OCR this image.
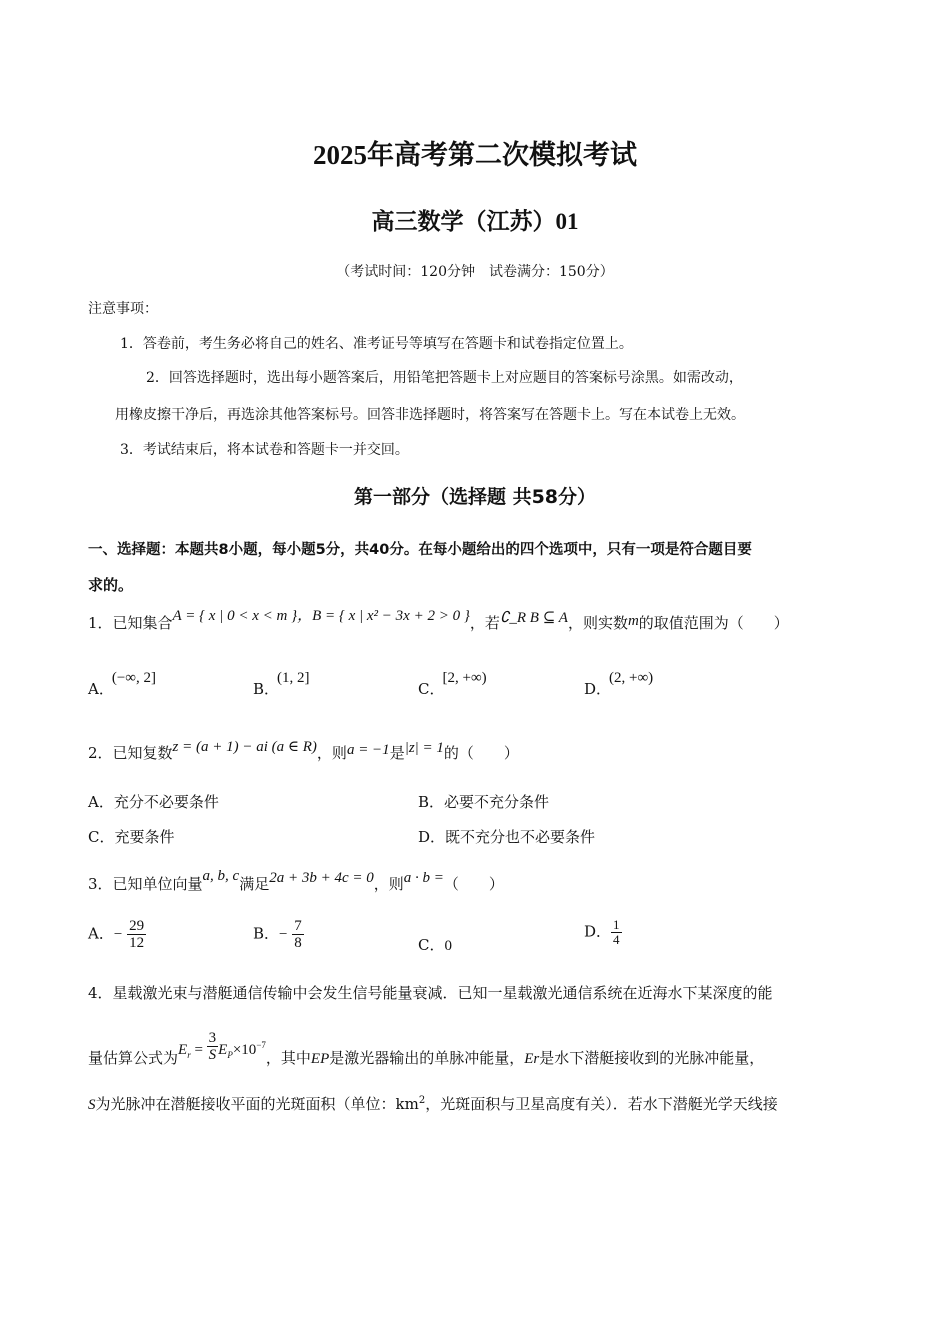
2025年高考第二次模拟考试
高三数学（江苏）01
（考试时间：120分钟　试卷满分：150分）
注意事项：
1．答卷前，考生务必将自己的姓名、准考证号等填写在答题卡和试卷指定位置上。
2．回答选择题时，选出每小题答案后，用铅笔把答题卡上对应题目的答案标号涂黑。如需改动，
用橡皮擦干净后，再选涂其他答案标号。回答非选择题时，将答案写在答题卡上。写在本试卷上无效。
3．考试结束后，将本试卷和答题卡一并交回。
第一部分（选择题 共58分）
一、选择题：本题共8小题，每小题5分，共40分。在每小题给出的四个选项中，只有一项是符合题目要
求的。
1．已知集合A = { x | 0 < x < m }，B = { x | x² − 3x + 2 > 0 }，若∁_R B ⊆ A，则实数m的取值范围为（　　）
A．(−∞, 2]
B．(1, 2]
C．[2, +∞)
D．(2, +∞)
2．已知复数z = (a + 1) − ai (a ∈ R)，则a = −1是|z| = 1的（　　）
A．充分不必要条件	B．必要不充分条件
C．充要条件	D．既不充分也不必要条件
3．已知单位向量a, b, c满足2a + 3b + 4c = 0，则a · b =（　　）
A．− $\frac{29}{12}$	B．− $\frac{7}{8}$	C．0
D． $\frac{1}{4}$
4．星载激光束与潜艇通信传输中会发生信号能量衰减．已知一星载激光通信系统在近海水下某深度的能
量估算公式为$E_r = \frac{3}{S} E_P\times 10^{-7}$，其中EP是激光器输出的单脉冲能量，Er是水下潜艇接收到的光脉冲能量，
S为光脉冲在潜艇接收平面的光斑面积（单位：$km^2$，光斑面积与卫星高度有关）．若水下潜艇光学天线接
